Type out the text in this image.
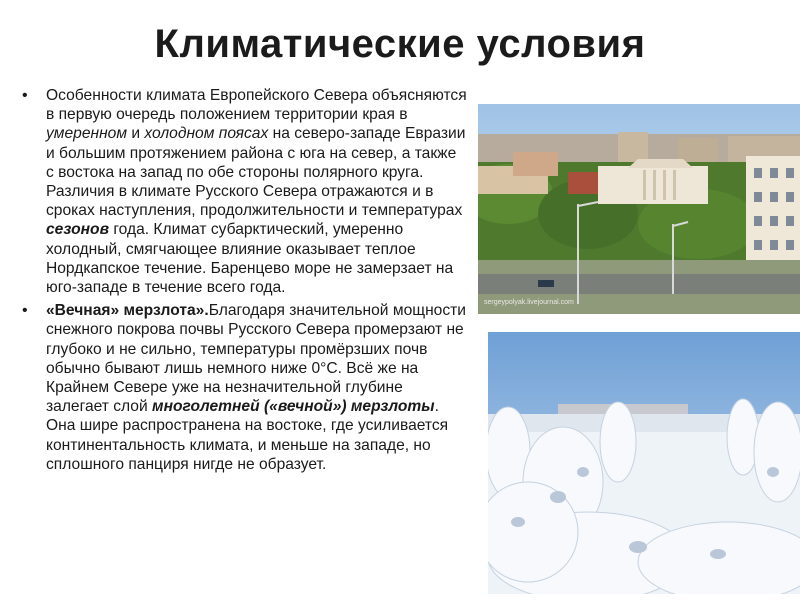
Климатические условия
• Особенности климата Европейского Севера объясняются в первую очередь положением территории края в умеренном и холодном поясах на северо-западе Евразии и большим протяжением района с юга на север, а также с востока на запад по обе стороны полярного круга. Различия в климате Русского Севера отражаются и в сроках наступления, продолжительности и температурах сезонов года. Климат субарктический, умеренно холодный, смягчающее влияние оказывает теплое Нордкапское течение. Баренцево море не замерзает на юго-западе в течение всего года.
• «Вечная» мерзлота».Благодаря значительной мощности снежного покрова почвы Русского Севера промерзают не глубоко и не сильно, температуры промёрзших почв обычно бывают лишь немного ниже 0°С. Всё же на Крайнем Севере уже на незначительной глубине залегает слой многолетней («вечной») мерзлоты. Она шире распространена на востоке, где усиливается континентальность климата, и меньше на западе, но сплошного панциря нигде не образует.
sergeypolyak.livejournal.com
